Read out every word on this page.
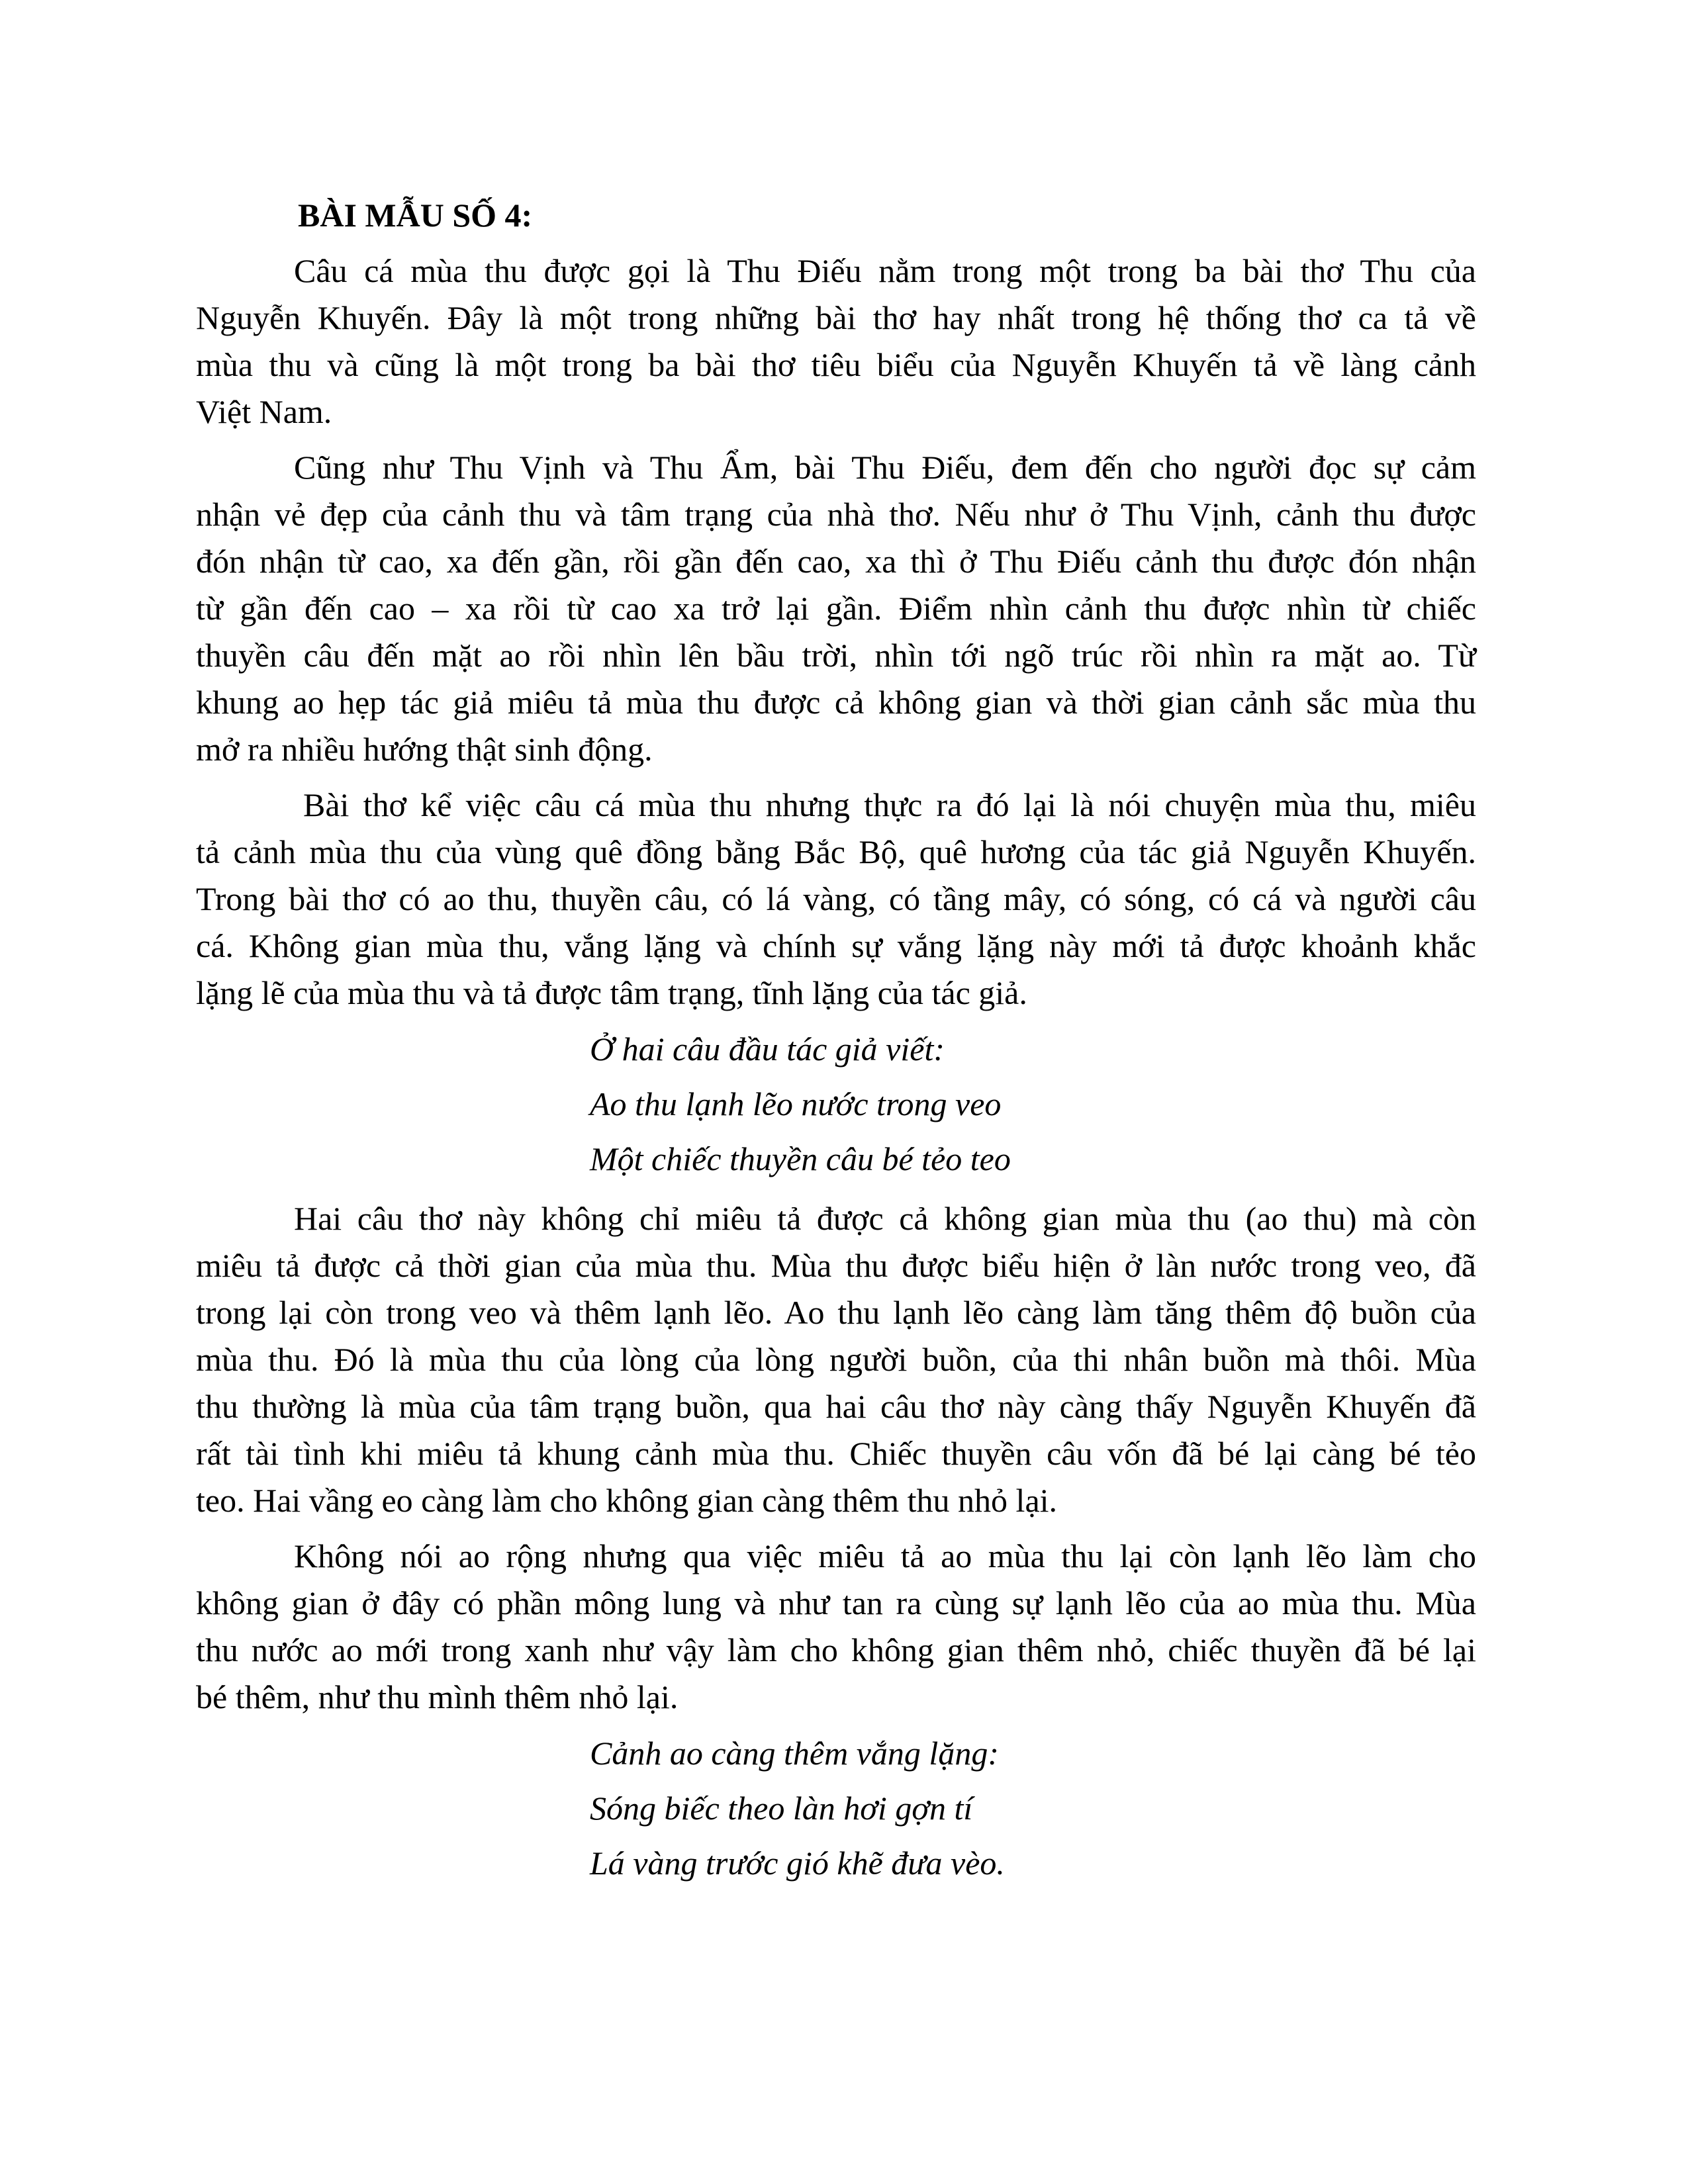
BÀI MẪU SỐ 4:
Câu cá mùa thu được gọi là Thu Điếu nằm trong một trong ba bài thơ Thu của
Nguyễn Khuyến. Đây là một trong những bài thơ hay nhất trong hệ thống thơ ca tả về
mùa thu và cũng là một trong ba bài thơ tiêu biểu của Nguyễn Khuyến tả về làng cảnh
Việt Nam.
Cũng như Thu Vịnh và Thu Ẩm, bài Thu Điếu, đem đến cho người đọc sự cảm
nhận vẻ đẹp của cảnh thu và tâm trạng của nhà thơ. Nếu như ở Thu Vịnh, cảnh thu được
đón nhận từ cao, xa đến gần, rồi gần đến cao, xa thì ở Thu Điếu cảnh thu được đón nhận
từ gần đến cao – xa rồi từ cao xa trở lại gần. Điểm nhìn cảnh thu được nhìn từ chiếc
thuyền câu đến mặt ao rồi nhìn lên bầu trời, nhìn tới ngõ trúc rồi nhìn ra mặt ao. Từ
khung ao hẹp tác giả miêu tả mùa thu được cả không gian và thời gian cảnh sắc mùa thu
mở ra nhiều hướng thật sinh động.
Bài thơ kể việc câu cá mùa thu nhưng thực ra đó lại là nói chuyện mùa thu, miêu
tả cảnh mùa thu của vùng quê đồng bằng Bắc Bộ, quê hương của tác giả Nguyễn Khuyến.
Trong bài thơ có ao thu, thuyền câu, có lá vàng, có tầng mây, có sóng, có cá và người câu
cá. Không gian mùa thu, vắng lặng và chính sự vắng lặng này mới tả được khoảnh khắc
lặng lẽ của mùa thu và tả được tâm trạng, tĩnh lặng của tác giả.
Ở hai câu đầu tác giả viết:
Ao thu lạnh lẽo nước trong veo
Một chiếc thuyền câu bé tẻo teo
Hai câu thơ này không chỉ miêu tả được cả không gian mùa thu (ao thu) mà còn
miêu tả được cả thời gian của mùa thu. Mùa thu được biểu hiện ở làn nước trong veo, đã
trong lại còn trong veo và thêm lạnh lẽo. Ao thu lạnh lẽo càng làm tăng thêm độ buồn của
mùa thu. Đó là mùa thu của lòng của lòng người buồn, của thi nhân buồn mà thôi. Mùa
thu thường là mùa của tâm trạng buồn, qua hai câu thơ này càng thấy Nguyễn Khuyến đã
rất tài tình khi miêu tả khung cảnh mùa thu. Chiếc thuyền câu vốn đã bé lại càng bé tẻo
teo. Hai vầng eo càng làm cho không gian càng thêm thu nhỏ lại.
Không nói ao rộng nhưng qua việc miêu tả ao mùa thu lại còn lạnh lẽo làm cho
không gian ở đây có phần mông lung và như tan ra cùng sự lạnh lẽo của ao mùa thu. Mùa
thu nước ao mới trong xanh như vậy làm cho không gian thêm nhỏ, chiếc thuyền đã bé lại
bé thêm, như thu mình thêm nhỏ lại.
Cảnh ao càng thêm vắng lặng:
Sóng biếc theo làn hơi gợn tí
Lá vàng trước gió khẽ đưa vèo.
